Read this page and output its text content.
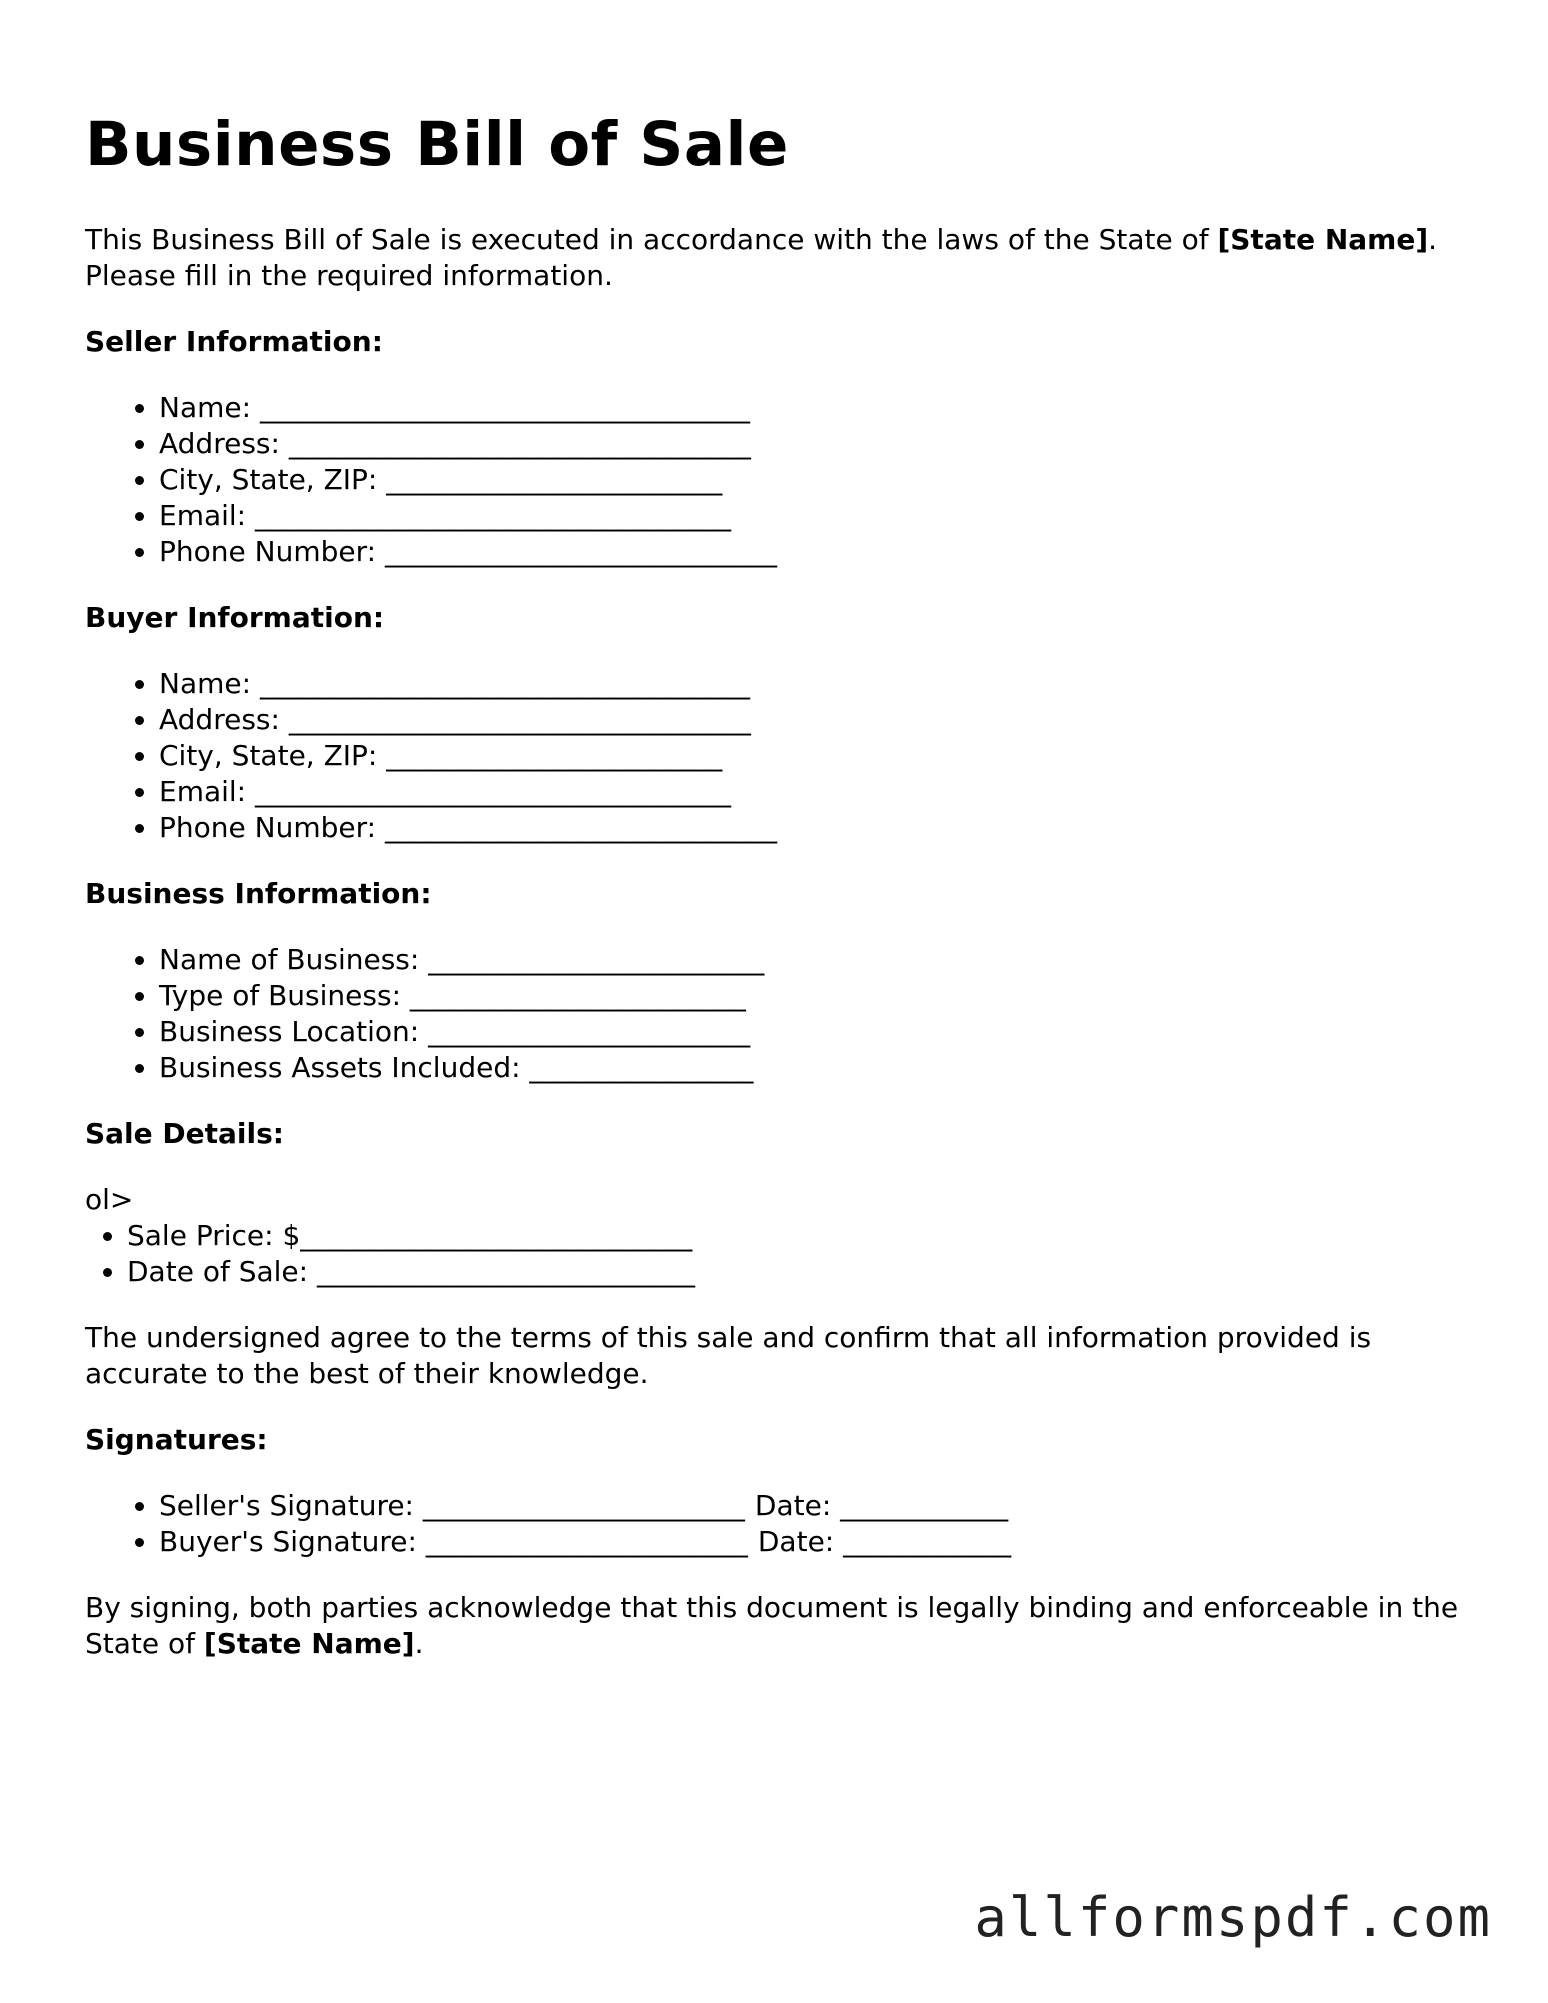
Business Bill of Sale

This Business Bill of Sale is executed in accordance with the laws of the State of [State Name]. Please fill in the required information.

Seller Information:
• Name: ___________________________________
• Address: _________________________________
• City, State, ZIP: ________________________
• Email: __________________________________
• Phone Number: ____________________________
Buyer Information:
• Name: ___________________________________
• Address: _________________________________
• City, State, ZIP: ________________________
• Email: __________________________________
• Phone Number: ____________________________
Business Information:
• Name of Business: ________________________
• Type of Business: ________________________
• Business Location: _______________________
• Business Assets Included: ________________
Sale Details:
ol>
• Sale Price: $____________________________
• Date of Sale: ___________________________

The undersigned agree to the terms of this sale and confirm that all information provided is accurate to the best of their knowledge.

Signatures:
• Seller's Signature: _______________________ Date: ____________
• Buyer's Signature: _______________________ Date: ____________

By signing, both parties acknowledge that this document is legally binding and enforceable in the State of [State Name].

allformspdf.com
